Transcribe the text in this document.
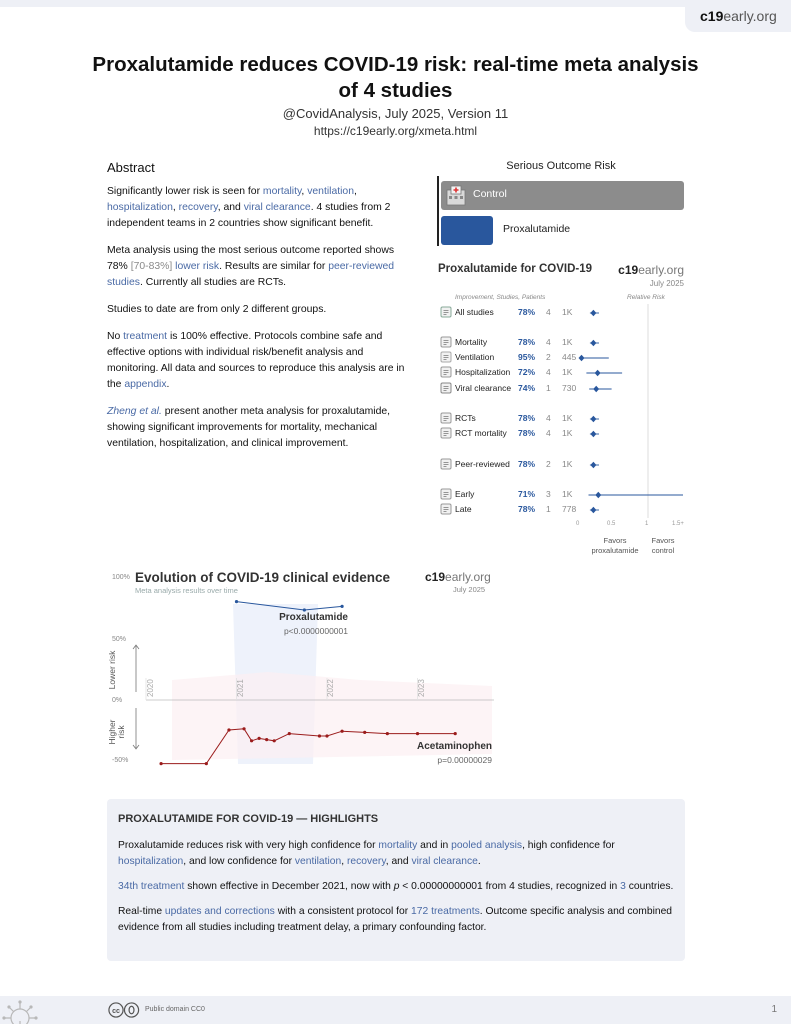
c19early.org
Proxalutamide reduces COVID-19 risk: real-time meta analysis of 4 studies
@CovidAnalysis, July 2025, Version 11
https://c19early.org/xmeta.html
Abstract

Significantly lower risk is seen for mortality, ventilation, hospitalization, recovery, and viral clearance. 4 studies from 2 independent teams in 2 countries show significant benefit.

Meta analysis using the most serious outcome reported shows 78% [70‑83%] lower risk. Results are similar for peer-reviewed studies. Currently all studies are RCTs.

Studies to date are from only 2 different groups.

No treatment is 100% effective. Protocols combine safe and effective options with individual risk/benefit analysis and monitoring. All data and sources to reproduce this analysis are in the appendix.

Zheng et al. present another meta analysis for proxalutamide, showing significant improvements for mortality, mechanical ventilation, hospitalization, and clinical improvement.

Serious Outcome Risk
Control
Proxalutamide
Proxalutamide for COVID-19 c19early.org
July 2025
Improvement, Studies, Patients	Relative Risk
All studies	78% 4 1K
Mortality	78% 4 1K
Ventilation	95% 2 445
Hospitalization 72% 4 1K
Viral clearance 74% 1 730
RCTs	78% 4 1K
RCT mortality 78% 4 1K
Peer-reviewed 78% 2 1K
Early	71% 3 1K
Late	78% 1 778
0	0.5	1	1.5+
Favors proxalutamide
Favors control
Evolution of COVID-19 clinical evidence
Meta analysis results over time
c19early.org
July 2025
100%
50%
0%
-50%
Lower risk
Higher risk
2020	2021	2022	2023
Proxalutamide
p<0.0000000001
Acetaminophen
p=0.00000029
PROXALUTAMIDE FOR COVID-19 — HIGHLIGHTS

Proxalutamide reduces risk with very high confidence for mortality and in pooled analysis, high confidence for hospitalization, and low confidence for ventilation, recovery, and viral clearance.

34th treatment shown effective in December 2021, now with p < 0.00000000001 from 4 studies, recognized in 3 countries.

Real-time updates and corrections with a consistent protocol for 172 treatments. Outcome specific analysis and combined evidence from all studies including treatment delay, a primary confounding factor.

cc	Public domain CC0	1
